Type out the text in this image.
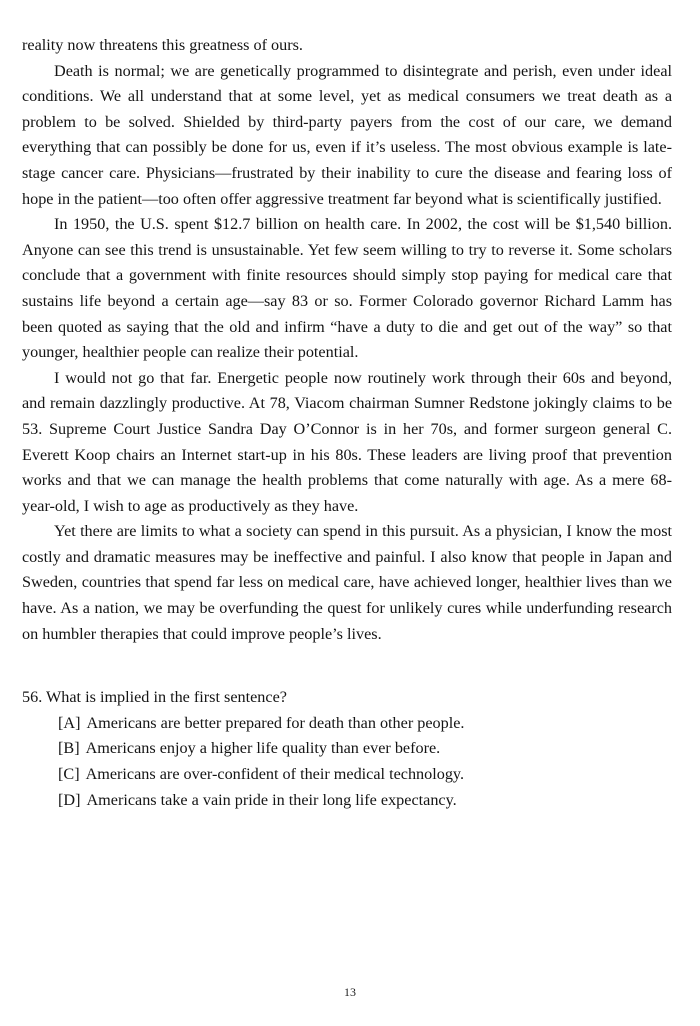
reality now threatens this greatness of ours.

Death is normal; we are genetically programmed to disintegrate and perish, even under ideal conditions. We all understand that at some level, yet as medical consumers we treat death as a problem to be solved. Shielded by third-party payers from the cost of our care, we demand everything that can possibly be done for us, even if it’s useless. The most obvious example is late-stage cancer care. Physicians—frustrated by their inability to cure the disease and fearing loss of hope in the patient—too often offer aggressive treatment far beyond what is scientifically justified.

In 1950, the U.S. spent $12.7 billion on health care. In 2002, the cost will be $1,540 billion. Anyone can see this trend is unsustainable. Yet few seem willing to try to reverse it. Some scholars conclude that a government with finite resources should simply stop paying for medical care that sustains life beyond a certain age—say 83 or so. Former Colorado governor Richard Lamm has been quoted as saying that the old and infirm “have a duty to die and get out of the way” so that younger, healthier people can realize their potential.

I would not go that far. Energetic people now routinely work through their 60s and beyond, and remain dazzlingly productive. At 78, Viacom chairman Sumner Redstone jokingly claims to be 53. Supreme Court Justice Sandra Day O’Connor is in her 70s, and former surgeon general C. Everett Koop chairs an Internet start-up in his 80s. These leaders are living proof that prevention works and that we can manage the health problems that come naturally with age. As a mere 68-year-old, I wish to age as productively as they have.

Yet there are limits to what a society can spend in this pursuit. As a physician, I know the most costly and dramatic measures may be ineffective and painful. I also know that people in Japan and Sweden, countries that spend far less on medical care, have achieved longer, healthier lives than we have. As a nation, we may be overfunding the quest for unlikely cures while underfunding research on humbler therapies that could improve people’s lives.

56. What is implied in the first sentence?

[A] Americans are better prepared for death than other people.
[B] Americans enjoy a higher life quality than ever before.
[C] Americans are over-confident of their medical technology.
[D] Americans take a vain pride in their long life expectancy.
13
